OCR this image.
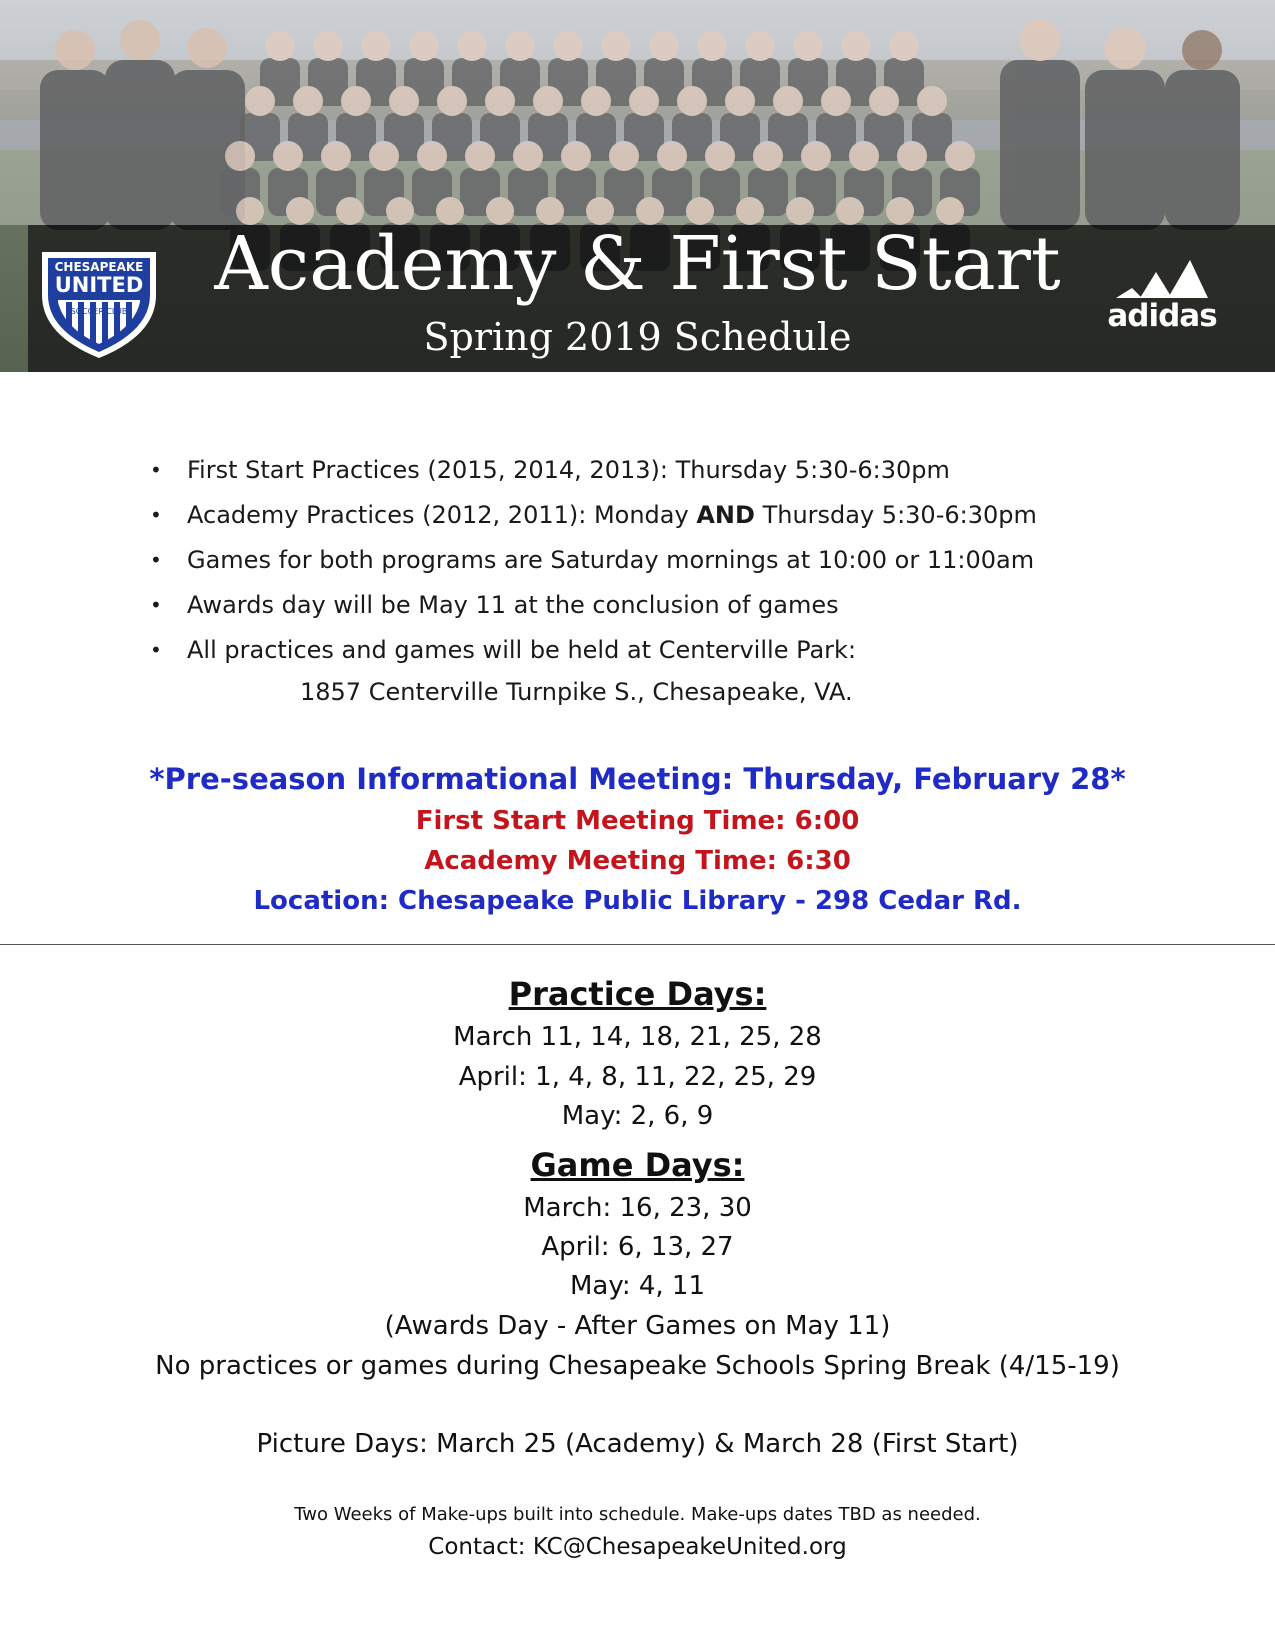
CHESAPEAKE
UNITED
SOCCER CLUB	adidas
Academy & First Start
Spring 2019 Schedule
• First Start Practices (2015, 2014, 2013): Thursday 5:30-6:30pm
• Academy Practices (2012, 2011): Monday AND Thursday 5:30-6:30pm
• Games for both programs are Saturday mornings at 10:00 or 11:00am
• Awards day will be May 11 at the conclusion of games
• All practices and games will be held at Centerville Park:
1857 Centerville Turnpike S., Chesapeake, VA.
*Pre-season Informational Meeting: Thursday, February 28*
First Start Meeting Time: 6:00
Academy Meeting Time: 6:30
Location: Chesapeake Public Library - 298 Cedar Rd.
Practice Days:
March 11, 14, 18, 21, 25, 28
April: 1, 4, 8, 11, 22, 25, 29
May: 2, 6, 9
Game Days:
March: 16, 23, 30
April: 6, 13, 27
May: 4, 11
(Awards Day - After Games on May 11)
No practices or games during Chesapeake Schools Spring Break (4/15-19)
Picture Days: March 25 (Academy) & March 28 (First Start)
Two Weeks of Make-ups built into schedule. Make-ups dates TBD as needed.
Contact: KC@ChesapeakeUnited.org
